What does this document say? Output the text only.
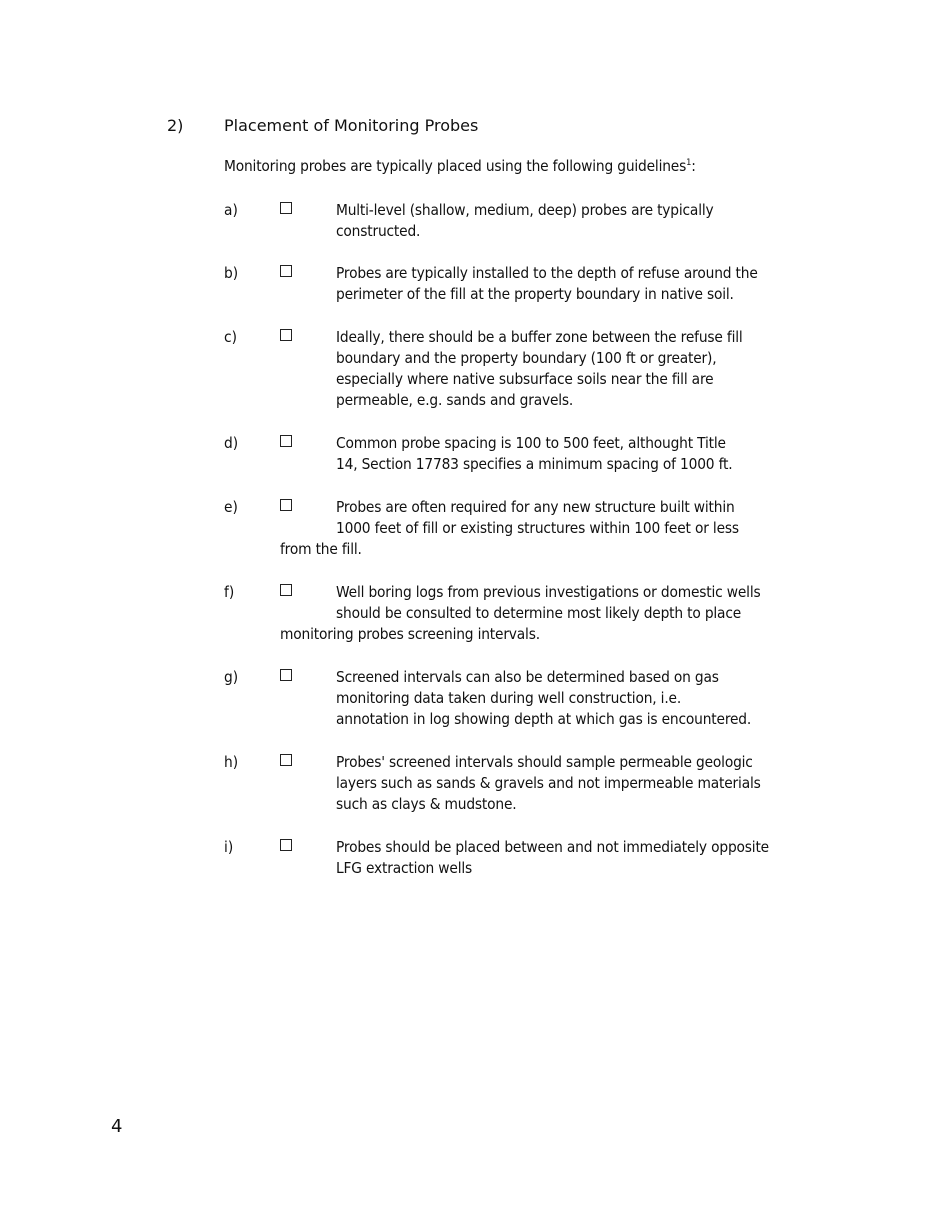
2)	Placement of Monitoring Probes
Monitoring probes are typically placed using the following guidelines$^1$:
a)	Multi-level (shallow, medium, deep) probes are typically
constructed.
b)	Probes are typically installed to the depth of refuse around the
perimeter of the fill at the property boundary in native soil.
c)	Ideally, there should be a buffer zone between the refuse fill
boundary and the property boundary (100 ft or greater),
especially where native subsurface soils near the fill are
permeable, e.g. sands and gravels.
d)	Common probe spacing is 100 to 500 feet, althought Title
14, Section 17783 specifies a minimum spacing of 1000 ft.
e)	Probes are often required for any new structure built within
1000 feet of fill or existing structures within 100 feet or less
from the fill.
f)	Well boring logs from previous investigations or domestic wells
should be consulted to determine most likely depth to place
monitoring probes screening intervals.
g)	Screened intervals can also be determined based on gas
monitoring data taken during well construction, i.e.
annotation in log showing depth at which gas is encountered.
h)	Probes' screened intervals should sample permeable geologic
layers such as sands & gravels and not impermeable materials
such as clays & mudstone.
i)	Probes should be placed between and not immediately opposite
LFG extraction wells
4
